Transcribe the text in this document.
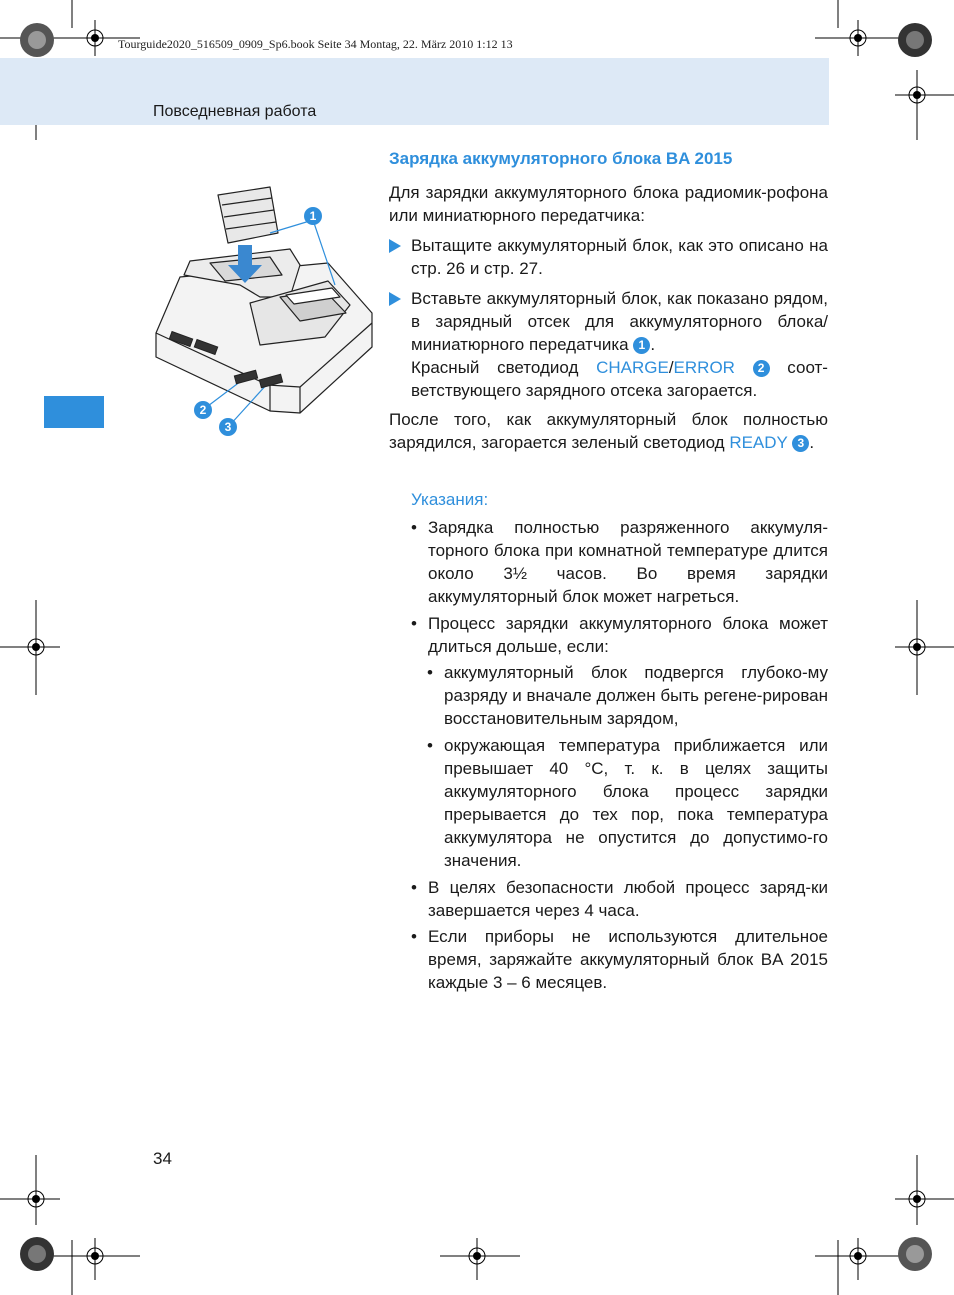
Tourguide2020_516509_0909_Sp6.book Seite 34 Montag, 22. März 2010 1:12 13
Повседневная работа
1
2
3
Зарядка аккумуляторного блока BA 2015
Для зарядки аккумуляторного блока радиомик-рофона или миниатюрного передатчика:
Вытащите аккумуляторный блок, как это описано на стр. 26 и стр. 27.
Вставьте аккумуляторный блок, как показано рядом, в зарядный отсек для аккумуляторного блока/миниатюрного передатчика 1 .
Красный светодиод CHARGE/ERROR 2 соот-ветствующего зарядного отсека загорается.
После того, как аккумуляторный блок полностью зарядился, загорается зеленый светодиод READY 3 .
Указания:
• Зарядка полностью разряженного аккумуля-торного блока при комнатной температуре длится около 3½ часов. Во время зарядки аккумуляторный блок может нагреться.
• Процесс зарядки аккумуляторного блока может длиться дольше, если:
• аккумуляторный блок подвергся глубоко-му разряду и вначале должен быть регене-рирован восстановительным зарядом,
• окружающая температура приближается или превышает 40 °C, т. к. в целях защиты аккумуляторного блока процесс зарядки прерывается до тех пор, пока температура аккумулятора не опустится до допустимо-го значения.
• В целях безопасности любой процесс заряд-ки завершается через 4 часа.
• Если приборы не используются длительное время, заряжайте аккумуляторный блок BA 2015 каждые 3 – 6 месяцев.
34
